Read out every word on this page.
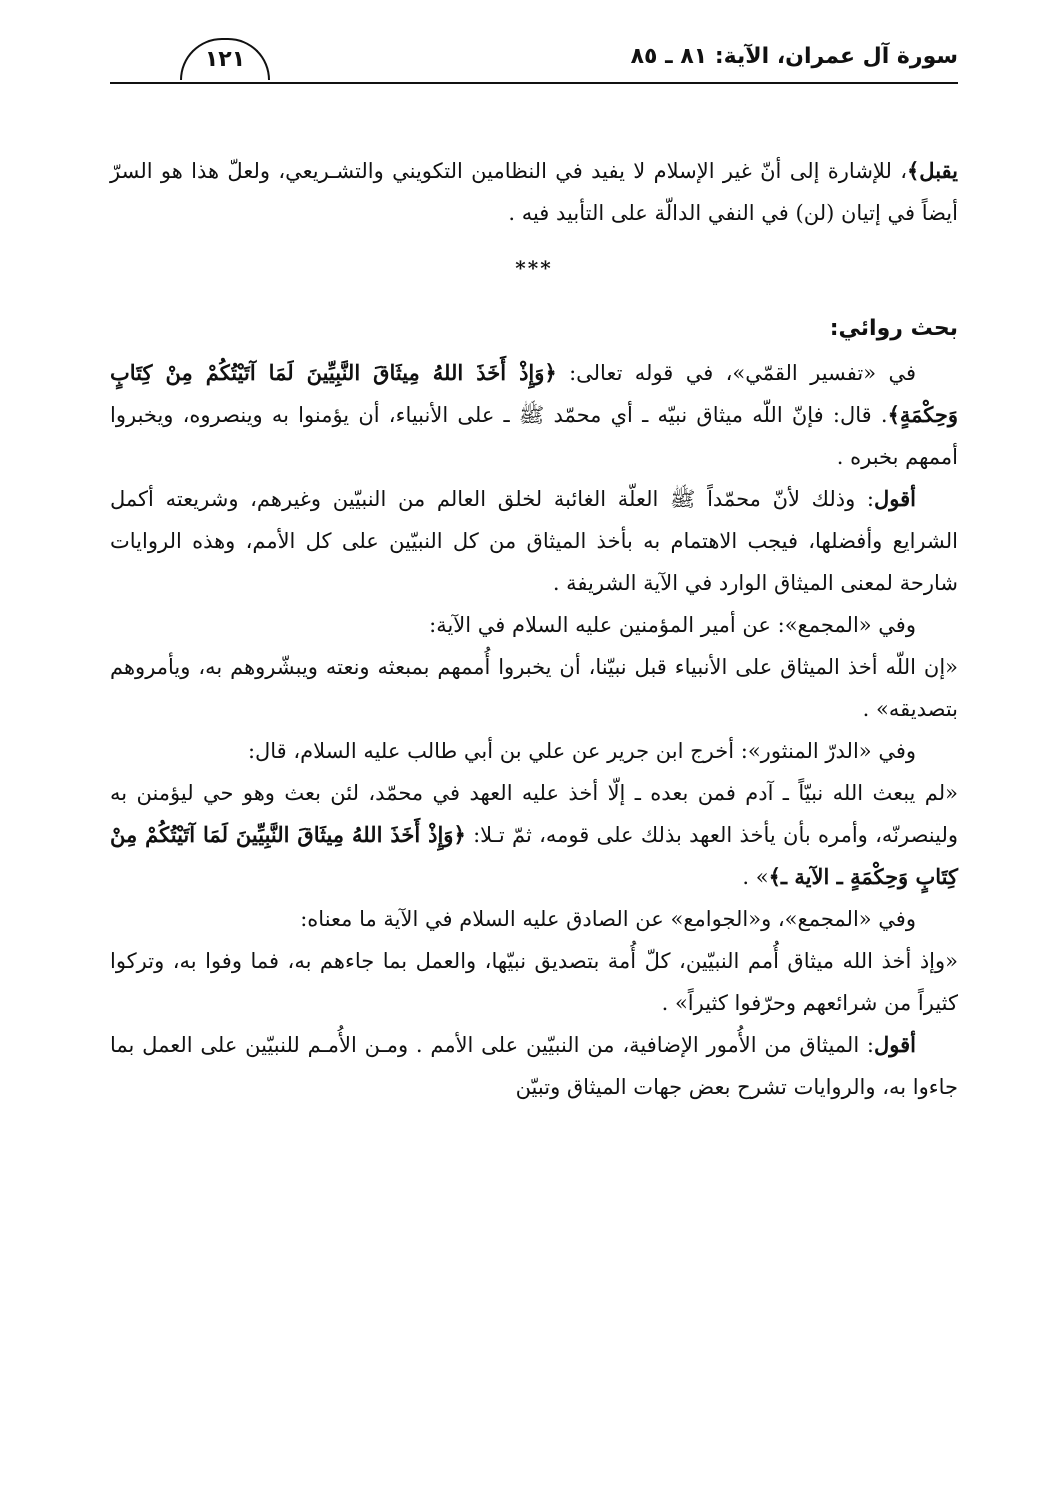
سورة آل عمران، الآية: ٨١ ـ ٨٥
١٢١

يقبل﴾، للإشارة إلى أنّ غير الإسلام لا يفيد في النظامين التكويني والتشـريعي، ولعلّ هذا هو السرّ أيضاً في إتيان (لن) في النفي الدالّة على التأبيد فيه .

***

بحث روائي:

في «تفسير القمّي»، في قوله تعالى: ﴿وَإِذْ أَخَذَ اللهُ مِيثَاقَ النَّبِيِّينَ لَمَا آتَيْتُكُمْ مِنْ كِتَابٍ وَحِكْمَةٍ﴾. قال: فإنّ اللّه ميثاق نبيّه ـ أي محمّد ﷺ ـ على الأنبياء، أن يؤمنوا به وينصروه، ويخبروا أممهم بخبره .

أقول: وذلك لأنّ محمّداً ﷺ العلّة الغائبة لخلق العالم من النبيّين وغيرهم، وشريعته أكمل الشرايع وأفضلها، فيجب الاهتمام به بأخذ الميثاق من كل النبيّين على كل الأمم، وهذه الروايات شارحة لمعنى الميثاق الوارد في الآية الشريفة .

وفي «المجمع»: عن أمير المؤمنين عليه السلام في الآية:

«إن اللّه أخذ الميثاق على الأنبياء قبل نبيّنا، أن يخبروا أُممهم بمبعثه ونعته ويبشّروهم به، ويأمروهم بتصديقه» .

وفي «الدرّ المنثور»: أخرج ابن جرير عن علي بن أبي طالب عليه السلام، قال:

«لم يبعث الله نبيّاً ـ آدم فمن بعده ـ إلّا أخذ عليه العهد في محمّد، لئن بعث وهو حي ليؤمنن به ولينصرنّه، وأمره بأن يأخذ العهد بذلك على قومه، ثمّ تـلا: ﴿وَإِذْ أَخَذَ اللهُ مِيثَاقَ النَّبِيِّينَ لَمَا آتَيْتُكُمْ مِنْ كِتَابٍ وَحِكْمَةٍ ـ الآية ـ﴾» .

وفي «المجمع»، و«الجوامع» عن الصادق عليه السلام في الآية ما معناه:

«وإذ أخذ الله ميثاق أُمم النبيّين، كلّ أُمة بتصديق نبيّها، والعمل بما جاءهم به، فما وفوا به، وتركوا كثيراً من شرائعهم وحرّفوا كثيراً» .

أقول: الميثاق من الأُمور الإضافية، من النبيّين على الأمم . ومـن الأُمـم للنبيّين على العمل بما جاءوا به، والروايات تشرح بعض جهات الميثاق وتبيّن
